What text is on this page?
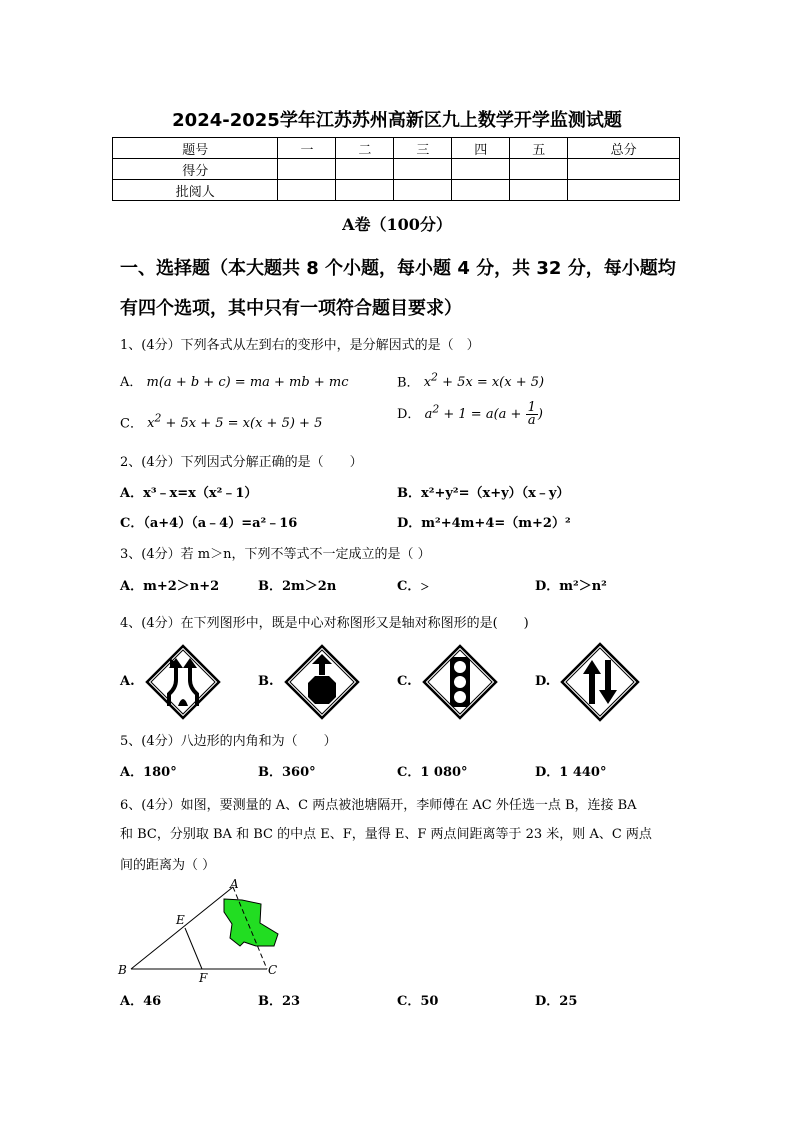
2024-2025学年江苏苏州高新区九上数学开学监测试题
题号	一	二	三	四	五	总分
得分						
批阅人						
A卷（100分）
一、选择题（本大题共 8 个小题，每小题 4 分，共 32 分，每小题均
有四个选项，其中只有一项符合题目要求）
1、(4分）下列各式从左到右的变形中，是分解因式的是（　）
A． m(a + b + c) = ma + mb + mc	B． $x^2 + 5x = x(x + 5)$
C． $x^2 + 5x + 5 = x(x + 5) + 5$
D． $a^2 + 1 = a(a + \frac{1}{a}$ )
2、(4分）下列因式分解正确的是（　　）
A．x³﹣x=x（x²﹣1）	B．x²+y²=（x+y）（x﹣y）
C．（a+4）（a﹣4）=a²﹣16	D．m²+4m+4=（m+2）²
3、(4分）若 m＞n，下列不等式不一定成立的是（ ）
A．m+2＞n+2	B．2m＞2n	C．＞	D．m²＞n²
4、(4分）在下列图形中，既是中心对称图形又是轴对称图形的是(　　)
A.	B.	C.	D.
5、(4分）八边形的内角和为（　　）
A．180°	B．360°	C．1 080°	D．1 440°
6、(4分）如图，要测量的 A、C 两点被池塘隔开，李师傅在 AC 外任选一点 B，连接 BA
和 BC，分别取 BA 和 BC 的中点 E、F，量得 E、F 两点间距离等于 23 米，则 A、C 两点
间的距离为（ ）
A
B	C
E
F
A．46	B．23	C．50	D．25
